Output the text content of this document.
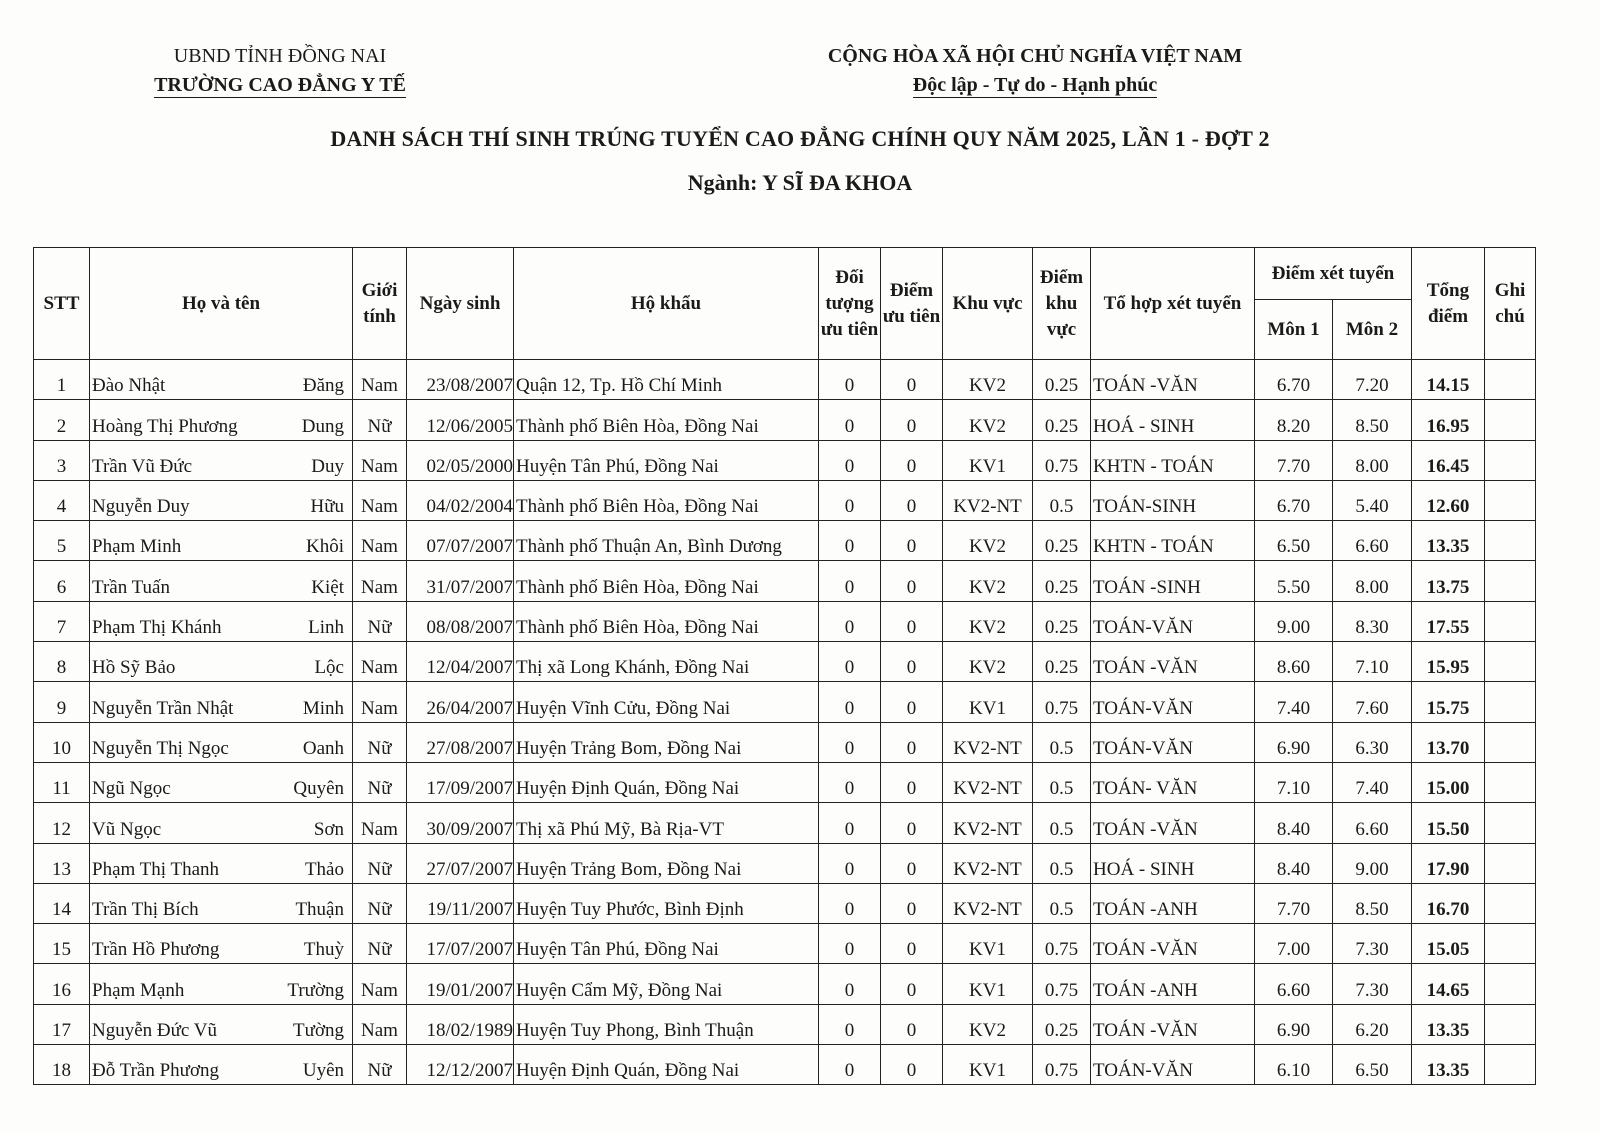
UBND TỈNH ĐỒNG NAI
TRƯỜNG CAO ĐẲNG Y TẾ
CỘNG HÒA XÃ HỘI CHỦ NGHĨA VIỆT NAM
Độc lập - Tự do - Hạnh phúc
DANH SÁCH THÍ SINH TRÚNG TUYỂN CAO ĐẲNG CHÍNH QUY NĂM 2025, LẦN 1 - ĐỢT 2
Ngành: Y SĨ ĐA KHOA
STT	Họ và tên	Giới tính	Ngày sinh	Hộ khẩu	Đối tượng ưu tiên	Điểm ưu tiên	Khu vực	Điểm khu vực	Tổ hợp xét tuyển	Điểm xét tuyển		Tổng điểm	Ghi chú
										Môn 1	Môn 2		
1	Đào Nhật Đăng	Nam	23/08/2007	Quận 12, Tp. Hồ Chí Minh	0	0	KV2	0.25	TOÁN -VĂN	6.70	7.20	14.15	
2	Hoàng Thị Phương Dung	Nữ	12/06/2005	Thành phố Biên Hòa, Đồng Nai	0	0	KV2	0.25	HOÁ - SINH	8.20	8.50	16.95	
3	Trần Vũ Đức Duy	Nam	02/05/2000	Huyện Tân Phú, Đồng Nai	0	0	KV1	0.75	KHTN - TOÁN	7.70	8.00	16.45	
4	Nguyễn Duy Hữu	Nam	04/02/2004	Thành phố Biên Hòa, Đồng Nai	0	0	KV2-NT	0.5	TOÁN-SINH	6.70	5.40	12.60	
5	Phạm Minh Khôi	Nam	07/07/2007	Thành phố Thuận An, Bình Dương	0	0	KV2	0.25	KHTN - TOÁN	6.50	6.60	13.35	
6	Trần Tuấn Kiệt	Nam	31/07/2007	Thành phố Biên Hòa, Đồng Nai	0	0	KV2	0.25	TOÁN -SINH	5.50	8.00	13.75	
7	Phạm Thị Khánh Linh	Nữ	08/08/2007	Thành phố Biên Hòa, Đồng Nai	0	0	KV2	0.25	TOÁN-VĂN	9.00	8.30	17.55	
8	Hồ Sỹ Bảo Lộc	Nam	12/04/2007	Thị xã Long Khánh, Đồng Nai	0	0	KV2	0.25	TOÁN -VĂN	8.60	7.10	15.95	
9	Nguyễn Trần Nhật Minh	Nam	26/04/2007	Huyện Vĩnh Cửu, Đồng Nai	0	0	KV1	0.75	TOÁN-VĂN	7.40	7.60	15.75	
10	Nguyễn Thị Ngọc Oanh	Nữ	27/08/2007	Huyện Trảng Bom, Đồng Nai	0	0	KV2-NT	0.5	TOÁN-VĂN	6.90	6.30	13.70	
11	Ngũ Ngọc Quyên	Nữ	17/09/2007	Huyện Định Quán, Đồng Nai	0	0	KV2-NT	0.5	TOÁN- VĂN	7.10	7.40	15.00	
12	Vũ Ngọc Sơn	Nam	30/09/2007	Thị xã Phú Mỹ, Bà Rịa-VT	0	0	KV2-NT	0.5	TOÁN -VĂN	8.40	6.60	15.50	
13	Phạm Thị Thanh Thảo	Nữ	27/07/2007	Huyện Trảng Bom, Đồng Nai	0	0	KV2-NT	0.5	HOÁ - SINH	8.40	9.00	17.90	
14	Trần Thị Bích Thuận	Nữ	19/11/2007	Huyện Tuy Phước, Bình Định	0	0	KV2-NT	0.5	TOÁN -ANH	7.70	8.50	16.70	
15	Trần Hồ Phương Thuỳ	Nữ	17/07/2007	Huyện Tân Phú, Đồng Nai	0	0	KV1	0.75	TOÁN -VĂN	7.00	7.30	15.05	
16	Phạm Mạnh Trường	Nam	19/01/2007	Huyện Cẩm Mỹ, Đồng Nai	0	0	KV1	0.75	TOÁN -ANH	6.60	7.30	14.65	
17	Nguyễn Đức Vũ Tường	Nam	18/02/1989	Huyện Tuy Phong, Bình Thuận	0	0	KV2	0.25	TOÁN -VĂN	6.90	6.20	13.35	
18	Đỗ Trần Phương Uyên	Nữ	12/12/2007	Huyện Định Quán, Đồng Nai	0	0	KV1	0.75	TOÁN-VĂN	6.10	6.50	13.35	
